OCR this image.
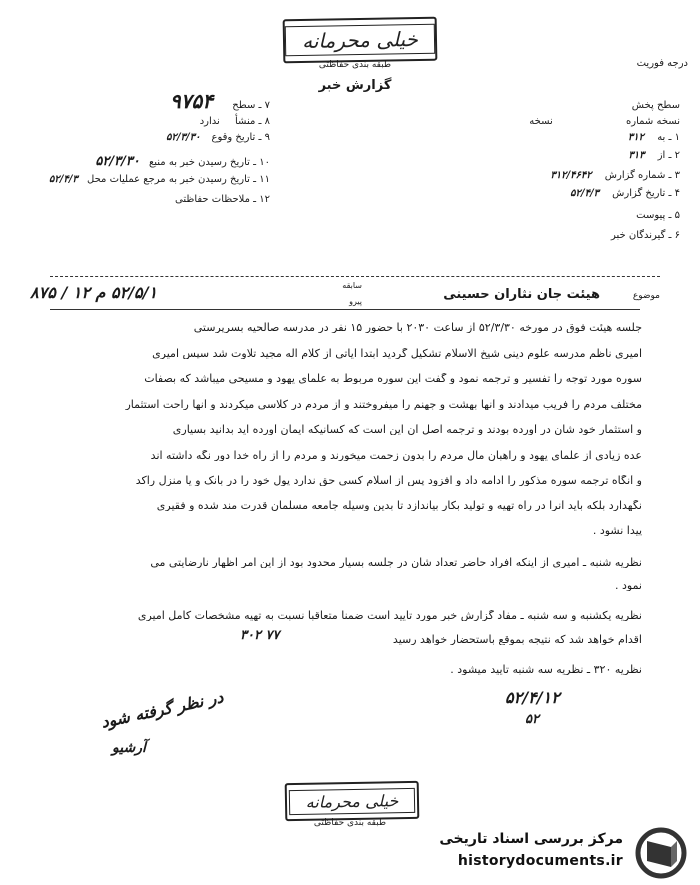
خیلی محرمانه
طبقه بندی حفاظتی	درجه فوریت
گزارش خبر
۹۷۵۴ ۷ ـ سطح
۸ ـ منشأ ندارد
۹ ـ تاریخ وقوع ۵۲/۳/۳۰
۱۰ ـ تاریخ رسیدن خبر به منبع ۵۲/۳/۳۰
۱۱ ـ تاریخ رسیدن خبر به مرجع عملیات محل ۵۲/۴/۳
۱۲ ـ ملاحظات حفاظتی
سطح پخش
نسخه شماره نسخه
۱ ـ به ۳۱۲
۲ ـ از ۳۱۳
۳ ـ شماره گزارش ۳۱۲/۴۶۴۲
۴ ـ تاریخ گزارش ۵۲/۴/۳
۵ ـ پیوست
۶ ـ گیرندگان خبر
موضوع
هیئت جان نثاران حسینی
سابقه
پیرو
۵۲/۵/۱ م ۱۲ / ۸۷۵
جلسه هیئت فوق در مورخه ۵۲/۳/۳۰ از ساعت ۲۰۳۰ با حضور ۱۵ نفر در مدرسه صالحیه بسرپرستی
امیری ناظم مدرسه علوم دینی شیخ الاسلام تشکیل گردید ابتدا آیاتی از کلام اله مجید تلاوت شد سپس امیری
سوره مورد توجه را تفسیر و ترجمه نمود و گفت این سوره مربوط به علمای یهود و مسیحی میباشد که بصفات
مختلف مردم را فریب میدادند و آنها بهشت و جهنم را میفروختند و از مردم در کلاسی میکردند و آنها راحت استثمار
و استثمار خود شان در آورده بودند و ترجمه اصل آن این است که کسانیکه ایمان آورده اید بدانید بسیاری
عده زیادی از علمای یهود و راهبان مال مردم را بدون زحمت میخورند و مردم را از راه خدا دور نگه داشته اند
و آنگاه ترجمه سوره مذکور را ادامه داد و افزود پس از اسلام کسی حق ندارد پول خود را در بانک و یا منزل راکد
نگهدارد بلکه باید آنرا در راه تهیه و تولید بکار بیاندازد تا بدین وسیله جامعه مسلمان قدرت مند شده و فقیری
پیدا نشود .
نظریه شنبه ـ امیری از اینکه افراد حاضر تعداد شان در جلسه بسیار محدود بود از این امر اظهار نارضایتی می
نمود .
نظریه یکشنبه و سه شنبه ـ مفاد گزارش خبر مورد تایید است ضمناً متعاقباً نسبت به تهیه مشخصات کامل امیری
اقدام خواهد شد که نتیجه بموقع باستحضار خواهد رسید
۳۰۲ ۷۷
نظریه ۳۲۰ ـ نظریه سه شنبه تایید میشود .
۵۲/۴/۱۲
۵۲
در نظر گرفته شود
آرشیو
خیلی محرمانه
طبقه بندی حفاظتی
مرکز بررسی اسناد تاریخی
historydocuments.ir
